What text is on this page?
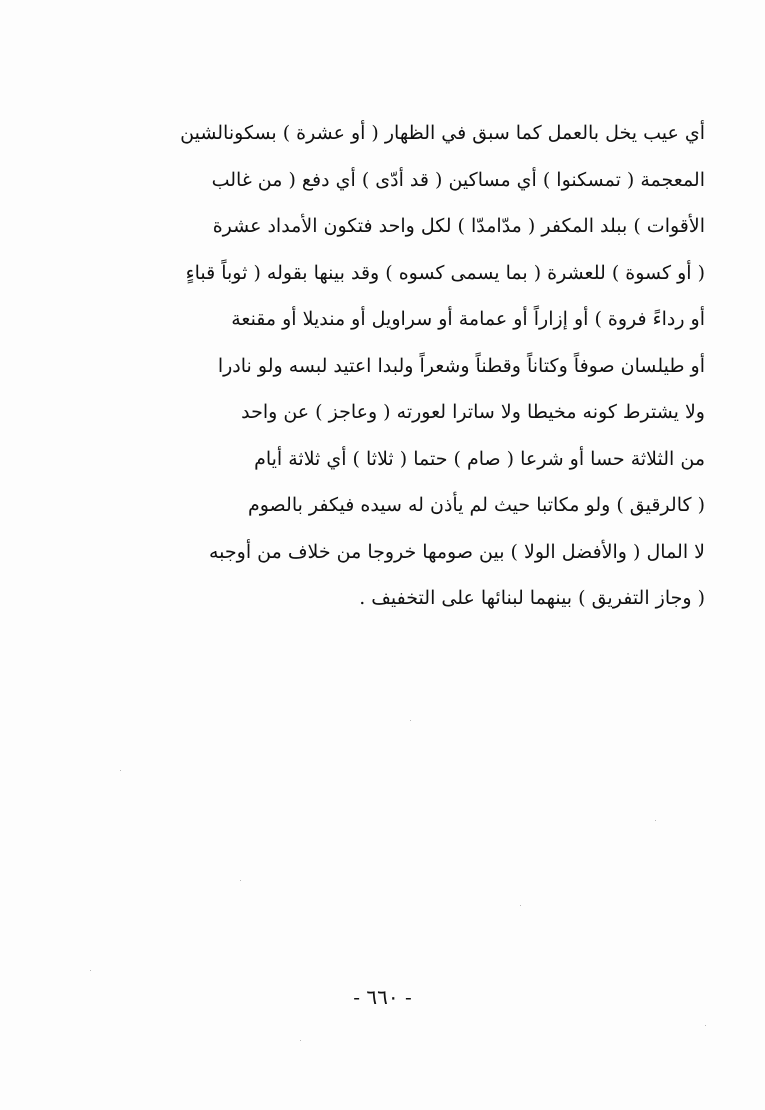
أي عيب يخل بالعمل كما سبق في الظهار ( أو عشرة ) بسكونالشين
المعجمة ( تمسكنوا ) أي مساكين ( قد أدّى ) أي دفع ( من غالب
الأقوات ) ببلد المكفر ( مدّامدّا ) لكل واحد فتكون الأمداد عشرة
( أو كسوة ) للعشرة ( بما يسمى كسوه ) وقد بينها بقوله ( ثوباً قباءٍ
أو رداءً فروة ) أو إزاراً أو عمامة أو سراويل أو منديلا أو مقنعة
أو طيلسان صوفاً وكتاناً وقطناً وشعراً ولبدا اعتيد لبسه ولو نادرا
ولا يشترط كونه مخيطا ولا ساترا لعورته ( وعاجز ) عن واحد
من الثلاثة حسا أو شرعا ( صام ) حتما ( ثلاثا ) أي ثلاثة أيام
( كالرقيق ) ولو مكاتبا حيث لم يأذن له سيده فيكفر بالصوم
لا المال ( والأفضل الولا ) بين صومها خروجا من خلاف من أوجبه
( وجاز التفريق ) بينهما لبنائها على التخفيف .
- ٦٦٠ -
